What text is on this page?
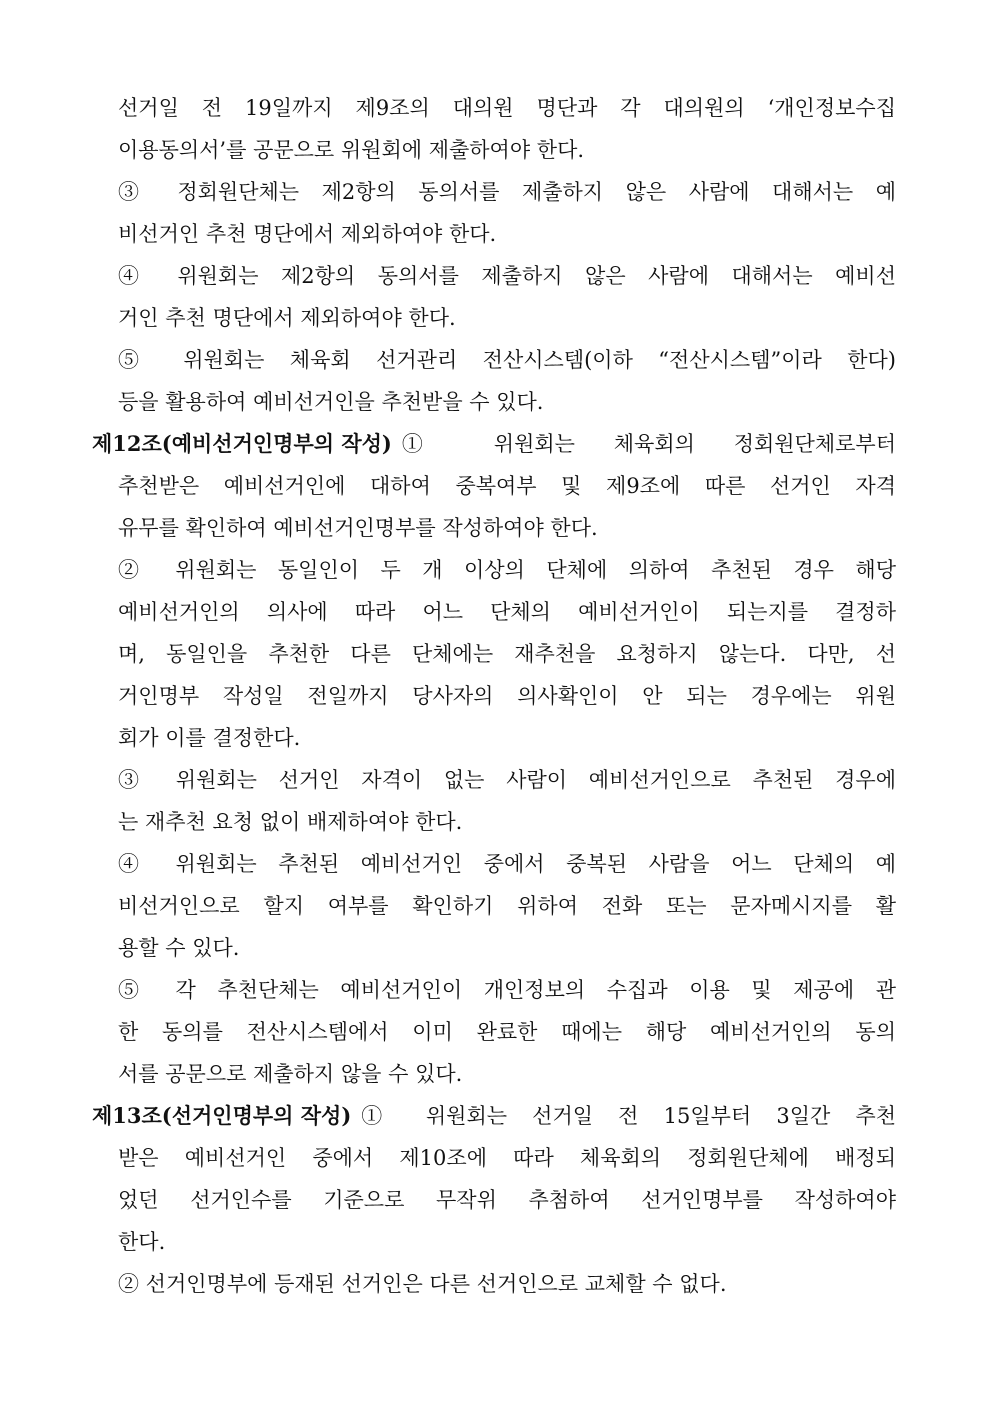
선거일 전 19일까지 제9조의 대의원 명단과 각 대의원의 ‘개인정보수집
이용동의서’를 공문으로 위원회에 제출하여야 한다.
③ 정회원단체는 제2항의 동의서를 제출하지 않은 사람에 대해서는 예
비선거인 추천 명단에서 제외하여야 한다.
④ 위원회는 제2항의 동의서를 제출하지 않은 사람에 대해서는 예비선
거인 추천 명단에서 제외하여야 한다.
⑤ 위원회는 체육회 선거관리 전산시스템(이하 “전산시스템”이라 한다)
등을 활용하여 예비선거인을 추천받을 수 있다.
제12조(예비선거인명부의 작성) ① 위원회는 체육회의 정회원단체로부터
추천받은 예비선거인에 대하여 중복여부 및 제9조에 따른 선거인 자격
유무를 확인하여 예비선거인명부를 작성하여야 한다.
② 위원회는 동일인이 두 개 이상의 단체에 의하여 추천된 경우 해당
예비선거인의 의사에 따라 어느 단체의 예비선거인이 되는지를 결정하
며, 동일인을 추천한 다른 단체에는 재추천을 요청하지 않는다. 다만, 선
거인명부 작성일 전일까지 당사자의 의사확인이 안 되는 경우에는 위원
회가 이를 결정한다.
③ 위원회는 선거인 자격이 없는 사람이 예비선거인으로 추천된 경우에
는 재추천 요청 없이 배제하여야 한다.
④ 위원회는 추천된 예비선거인 중에서 중복된 사람을 어느 단체의 예
비선거인으로 할지 여부를 확인하기 위하여 전화 또는 문자메시지를 활
용할 수 있다.
⑤ 각 추천단체는 예비선거인이 개인정보의 수집과 이용 및 제공에 관
한 동의를 전산시스템에서 이미 완료한 때에는 해당 예비선거인의 동의
서를 공문으로 제출하지 않을 수 있다.
제13조(선거인명부의 작성) ① 위원회는 선거일 전 15일부터 3일간 추천
받은 예비선거인 중에서 제10조에 따라 체육회의 정회원단체에 배정되
었던 선거인수를 기준으로 무작위 추첨하여 선거인명부를 작성하여야
한다.
② 선거인명부에 등재된 선거인은 다른 선거인으로 교체할 수 없다.
